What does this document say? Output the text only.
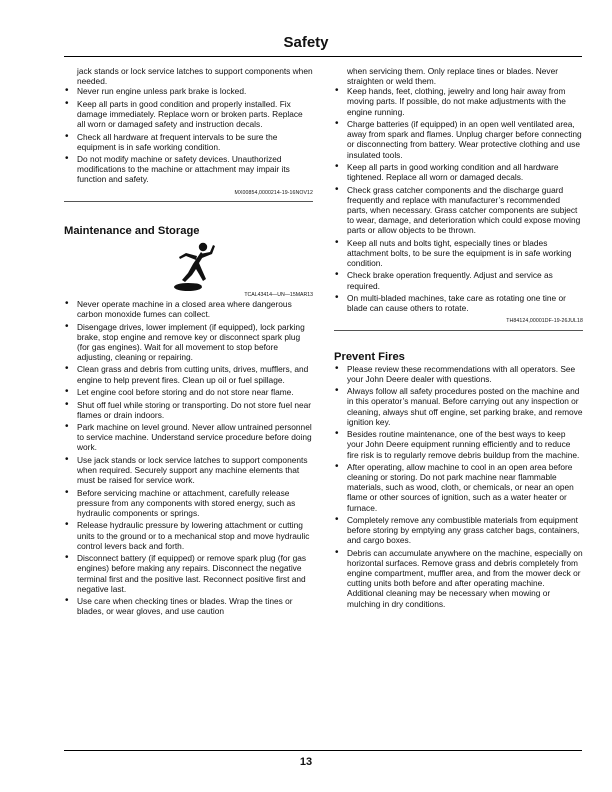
Safety

jack stands or lock service latches to support components when needed.

• Never run engine unless park brake is locked.
• Keep all parts in good condition and properly installed. Fix damage immediately. Replace worn or broken parts. Replace all worn or damaged safety and instruction decals.
• Check all hardware at frequent intervals to be sure the equipment is in safe working condition.
• Do not modify machine or safety devices. Unauthorized modifications to the machine or attachment may impair its function and safety.
MX00854,0000214-19-16NOV12
Maintenance and Storage
TCAL43414—UN—15MAR13
• Never operate machine in a closed area where dangerous carbon monoxide fumes can collect.
• Disengage drives, lower implement (if equipped), lock parking brake, stop engine and remove key or disconnect spark plug (for gas engines). Wait for all movement to stop before adjusting, cleaning or repairing.
• Clean grass and debris from cutting units, drives, mufflers, and engine to help prevent fires. Clean up oil or fuel spillage.
• Let engine cool before storing and do not store near flame.
• Shut off fuel while storing or transporting. Do not store fuel near flames or drain indoors.
• Park machine on level ground. Never allow untrained personnel to service machine. Understand service procedure before doing work.
• Use jack stands or lock service latches to support components when required. Securely support any machine elements that must be raised for service work.
• Before servicing machine or attachment, carefully release pressure from any components with stored energy, such as hydraulic components or springs.
• Release hydraulic pressure by lowering attachment or cutting units to the ground or to a mechanical stop and move hydraulic control levers back and forth.
• Disconnect battery (if equipped) or remove spark plug (for gas engines) before making any repairs. Disconnect the negative terminal first and the positive last. Reconnect positive first and negative last.
• Use care when checking tines or blades. Wrap the tines or blades, or wear gloves, and use caution

when servicing them. Only replace tines or blades. Never straighten or weld them.

• Keep hands, feet, clothing, jewelry and long hair away from moving parts. If possible, do not make adjustments with the engine running.
• Charge batteries (if equipped) in an open well ventilated area, away from spark and flames. Unplug charger before connecting or disconnecting from battery. Wear protective clothing and use insulated tools.
• Keep all parts in good working condition and all hardware tightened. Replace all worn or damaged decals.
• Check grass catcher components and the discharge guard frequently and replace with manufacturer’s recommended parts, when necessary. Grass catcher components are subject to wear, damage, and deterioration which could expose moving parts or allow objects to be thrown.
• Keep all nuts and bolts tight, especially tines or blades attachment bolts, to be sure the equipment is in safe working condition.
• Check brake operation frequently. Adjust and service as required.
• On multi-bladed machines, take care as rotating one tine or blade can cause others to rotate.
TH84124,00001DF-19-26JUL18
Prevent Fires
• Please review these recommendations with all operators. See your John Deere dealer with questions.
• Always follow all safety procedures posted on the machine and in this operator’s manual. Before carrying out any inspection or cleaning, always shut off engine, set parking brake, and remove ignition key.
• Besides routine maintenance, one of the best ways to keep your John Deere equipment running efficiently and to reduce fire risk is to regularly remove debris buildup from the machine.
• After operating, allow machine to cool in an open area before cleaning or storing. Do not park machine near flammable materials, such as wood, cloth, or chemicals, or near an open flame or other sources of ignition, such as a water heater or furnace.
• Completely remove any combustible materials from equipment before storing by emptying any grass catcher bags, containers, and cargo boxes.
• Debris can accumulate anywhere on the machine, especially on horizontal surfaces. Remove grass and debris completely from engine compartment, muffler area, and from the mower deck or cutting units both before and after operating machine. Additional cleaning may be necessary when mowing or mulching in dry conditions.
13
